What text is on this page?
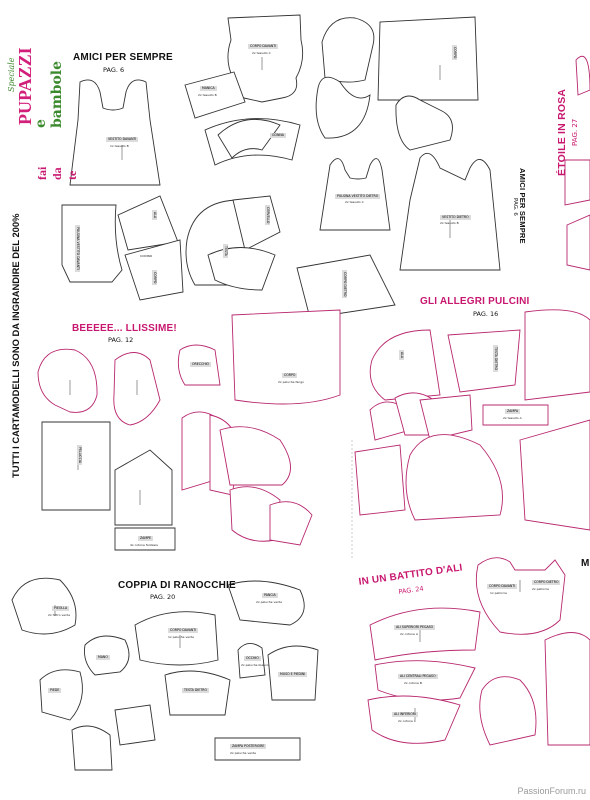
Speciale PUPAZZI
e bambole
fai da te
TUTTI I CARTAMODELLI SONO DA INGRANDIRE DEL 200%
AMICI PER SEMPRE
PAG. 6
AMICI PER SEMPRE
PAG. 6
ÉTOILE IN ROSA PAG. 27
GLI ALLEGRI PULCINI
PAG. 16
BEEEEE... LLISSIME!
PAG. 12
COPPIA DI RANOCCHIE
PAG. 20
IN UN BATTITO D'ALI
PAG. 24
M
CORPO DAVANTI
2x tessuto C
MANICA
2x tessuto B
VESTITO DAVANTI
1x tessuto B
GONNA
PULSINA VESTITO DAVANTI	CODINO
ALA
CORPO
TESTA
CERVELLO
PULSINA VESTITO DIETRO
2x tessuto C
VESTITO DIETRO
2x tessuto B
CORPO DIETRO
CORPO
ALA	TESTA DIETRO
ZAMPA
2x tessuto A
ORECCHIO
CORPO
2x peluche fango
PELLICCIA
ZAMPE
4x cotone fantasia
PIEOLLA
2x feltro verde
CORPO DAVANTI
1x peluche verde
PANCIA
2x peluche verde
MANO
PIEDE
OCCHIO
2x peluche bianco
TESTA DIETRO
MUSO E PIEDINI
ZAMPA POSTERIORE
2x peluche verde
ALI SUPERIORI PEGASO
2x cotone A
ALI CENTRALI PEGASO
2x cotone B
ALI INFERIORI
2x cotone C
CORPO DAVANTI
1x pelliccia
CORPO DIETRO
2x pelliccia
PassionForum.ru
